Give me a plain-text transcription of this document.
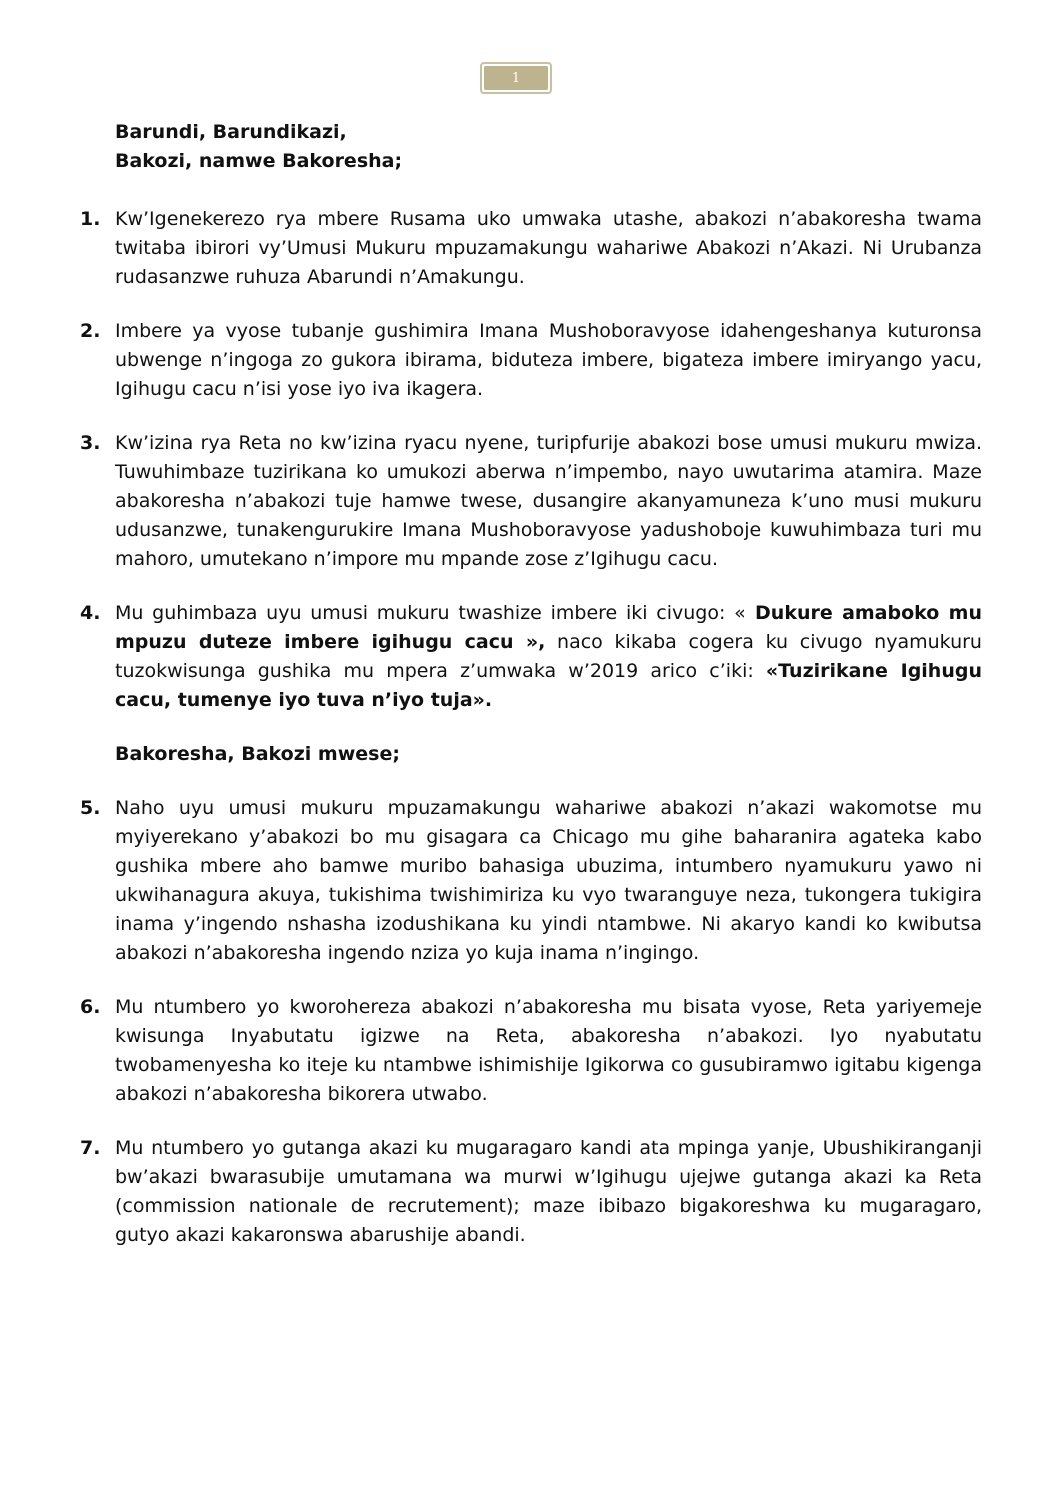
1
Barundi, Barundikazi,
Bakozi, namwe Bakoresha;
1. Kw’Igenekerezo rya mbere Rusama uko umwaka utashe, abakozi n’abakoresha twama twitaba ibirori vy’Umusi Mukuru mpuzamakungu wahariwe Abakozi n’Akazi. Ni Urubanza rudasanzwe ruhuza Abarundi n’Amakungu.
2. Imbere ya vyose tubanje gushimira Imana Mushoboravyose idahengeshanya kuturonsa ubwenge n’ingoga zo gukora ibirama, biduteza imbere, bigateza imbere imiryango yacu, Igihugu cacu n’isi yose iyo iva ikagera.
3. Kw’izina rya Reta no kw’izina ryacu nyene, turipfurije abakozi bose umusi mukuru mwiza. Tuwuhimbaze tuzirikana ko umukozi aberwa n’impembo, nayo uwutarima atamira. Maze abakoresha n’abakozi tuje hamwe twese, dusangire akanyamuneza k’uno musi mukuru udusanzwe, tunakengurukire Imana Mushoboravyose yadushoboje kuwuhimbaza turi mu mahoro, umutekano n’impore mu mpande zose z’Igihugu cacu.
4. Mu guhimbaza uyu umusi mukuru twashize imbere iki civugo: « Dukure amaboko mu mpuzu duteze imbere igihugu cacu », naco kikaba cogera ku civugo nyamukuru tuzokwisunga gushika mu mpera z’umwaka w’2019 arico c’iki: «Tuzirikane Igihugu cacu, tumenye iyo tuva n’iyo tuja».
Bakoresha, Bakozi mwese;
5. Naho uyu umusi mukuru mpuzamakungu wahariwe abakozi n’akazi wakomotse mu myiyerekano y’abakozi bo mu gisagara ca Chicago mu gihe baharanira agateka kabo gushika mbere aho bamwe muribo bahasiga ubuzima, intumbero nyamukuru yawo ni ukwihanagura akuya, tukishima twishimiriza ku vyo twaranguye neza, tukongera tukigira inama y’ingendo nshasha izodushikana ku yindi ntambwe. Ni akaryo kandi ko kwibutsa abakozi n’abakoresha ingendo nziza yo kuja inama n’ingingo.
6. Mu ntumbero yo kworohereza abakozi n’abakoresha mu bisata vyose, Reta yariyemeje kwisunga Inyabutatu igizwe na Reta, abakoresha n’abakozi. Iyo nyabutatu twobamenyesha ko iteje ku ntambwe ishimishije Igikorwa co gusubiramwo igitabu kigenga abakozi n’abakoresha bikorera utwabo.
7. Mu ntumbero yo gutanga akazi ku mugaragaro kandi ata mpinga yanje, Ubushikiranganji bw’akazi bwarasubije umutamana wa murwi w’Igihugu ujejwe gutanga akazi ka Reta (commission nationale de recrutement); maze ibibazo bigakoreshwa ku mugaragaro, gutyo akazi kakaronswa abarushije abandi.
